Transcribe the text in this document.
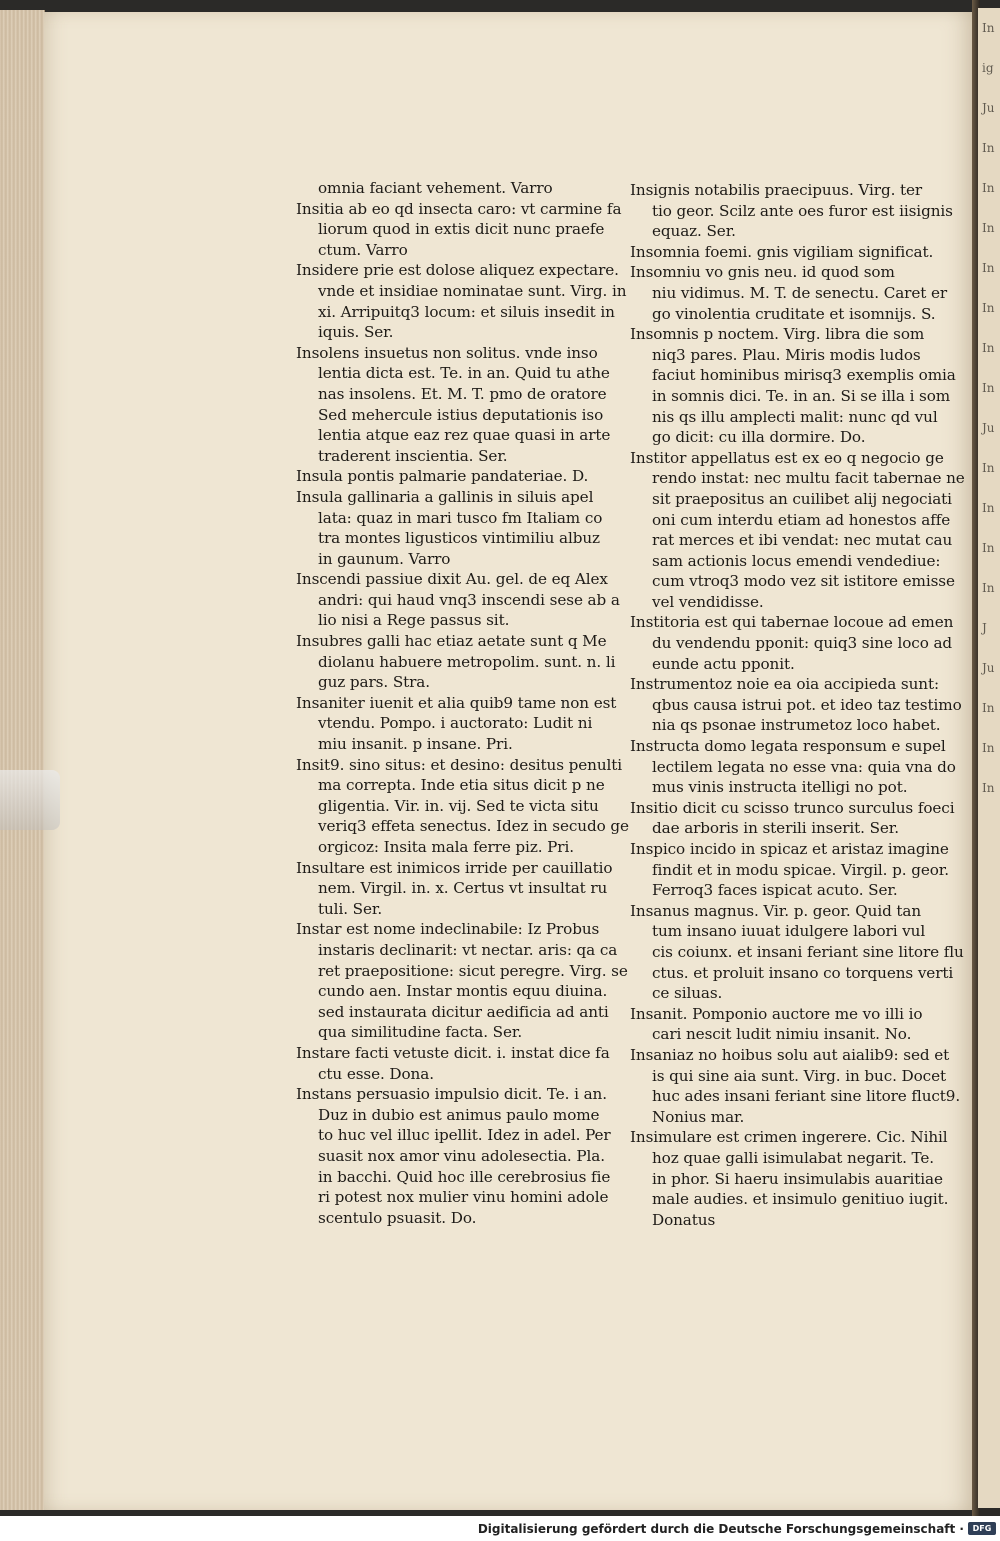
In
ig
Ju
In
In
In
In
In
In
In
Ju
In
In
In
In
J
Ju
In
In
In
omnia faciant vehement. Varro
Insitia ab eo qd insecta caro: vt carmine fa
liorum quod in extis dicit nunc praefe
ctum. Varro
Insidere prie est dolose aliquez expectare.
vnde et insidiae nominatae sunt. Virg. in
xi. Arripuitq3 locum: et siluis insedit in
iquis. Ser.
Insolens insuetus non solitus. vnde inso
lentia dicta est. Te. in an. Quid tu athe
nas insolens. Et. M. T. pmo de oratore
Sed mehercule istius deputationis iso
lentia atque eaz rez quae quasi in arte
traderent inscientia. Ser.
Insula pontis palmarie pandateriae. D.
Insula gallinaria a gallinis in siluis apel
lata: quaz in mari tusco fm Italiam co
tra montes ligusticos vintimiliu albuz
in gaunum. Varro
Inscendi passiue dixit Au. gel. de eq Alex
andri: qui haud vnq3 inscendi sese ab a
lio nisi a Rege passus sit.
Insubres galli hac etiaz aetate sunt q Me
diolanu habuere metropolim. sunt. n. li
guz pars. Stra.
Insaniter iuenit et alia quib9 tame non est
vtendu. Pompo. i auctorato: Ludit ni
miu insanit. p insane. Pri.
Insit9. sino situs: et desino: desitus penulti
ma correpta. Inde etia situs dicit p ne
gligentia. Vir. in. vij. Sed te victa situ
veriq3 effeta senectus. Idez in secudo ge
orgicoz: Insita mala ferre piz. Pri.
Insultare est inimicos irride per cauillatio
nem. Virgil. in. x. Certus vt insultat ru
tuli. Ser.
Instar est nome indeclinabile: Iz Probus
instaris declinarit: vt nectar. aris: qa ca
ret praepositione: sicut peregre. Virg. se
cundo aen. Instar montis equu diuina.
sed instaurata dicitur aedificia ad anti
qua similitudine facta. Ser.
Instare facti vetuste dicit. i. instat dice fa
ctu esse. Dona.
Instans persuasio impulsio dicit. Te. i an.
Duz in dubio est animus paulo mome
to huc vel illuc ipellit. Idez in adel. Per
suasit nox amor vinu adolesectia. Pla.
in bacchi. Quid hoc ille cerebrosius fie
ri potest nox mulier vinu homini adole
scentulo psuasit. Do.
Insignis notabilis praecipuus. Virg. ter
tio geor. Scilz ante oes furor est iisignis
equaz. Ser.
Insomnia foemi. gnis vigiliam significat.
Insomniu vo gnis neu. id quod som
niu vidimus. M. T. de senectu. Caret er
go vinolentia cruditate et isomnijs. S.
Insomnis p noctem. Virg. libra die som
niq3 pares. Plau. Miris modis ludos
faciut hominibus mirisq3 exemplis omia
in somnis dici. Te. in an. Si se illa i som
nis qs illu amplecti malit: nunc qd vul
go dicit: cu illa dormire. Do.
Institor appellatus est ex eo q negocio ge
rendo instat: nec multu facit tabernae ne
sit praepositus an cuilibet alij negociati
oni cum interdu etiam ad honestos affe
rat merces et ibi vendat: nec mutat cau
sam actionis locus emendi vendediue:
cum vtroq3 modo vez sit istitore emisse
vel vendidisse.
Institoria est qui tabernae locoue ad emen
du vendendu pponit: quiq3 sine loco ad
eunde actu pponit.
Instrumentoz noie ea oia accipieda sunt:
qbus causa istrui pot. et ideo taz testimo
nia qs psonae instrumetoz loco habet.
Instructa domo legata responsum e supel
lectilem legata no esse vna: quia vna do
mus vinis instructa itelligi no pot.
Insitio dicit cu scisso trunco surculus foeci
dae arboris in sterili inserit. Ser.
Inspico incido in spicaz et aristaz imagine
findit et in modu spicae. Virgil. p. geor.
Ferroq3 faces ispicat acuto. Ser.
Insanus magnus. Vir. p. geor. Quid tan
tum insano iuuat idulgere labori vul
cis coiunx. et insani feriant sine litore flu
ctus. et proluit insano co torquens verti
ce siluas.
Insanit. Pomponio auctore me vo illi io
cari nescit ludit nimiu insanit. No.
Insaniaz no hoibus solu aut aialib9: sed et
is qui sine aia sunt. Virg. in buc. Docet
huc ades insani feriant sine litore fluct9.
Nonius mar.
Insimulare est crimen ingerere. Cic. Nihil
hoz quae galli isimulabat negarit. Te.
in phor. Si haeru insimulabis auaritiae
male audies. et insimulo genitiuo iugit.
Donatus
Digitalisierung gefördert durch die Deutsche Forschungsgemeinschaft ·	DFG
